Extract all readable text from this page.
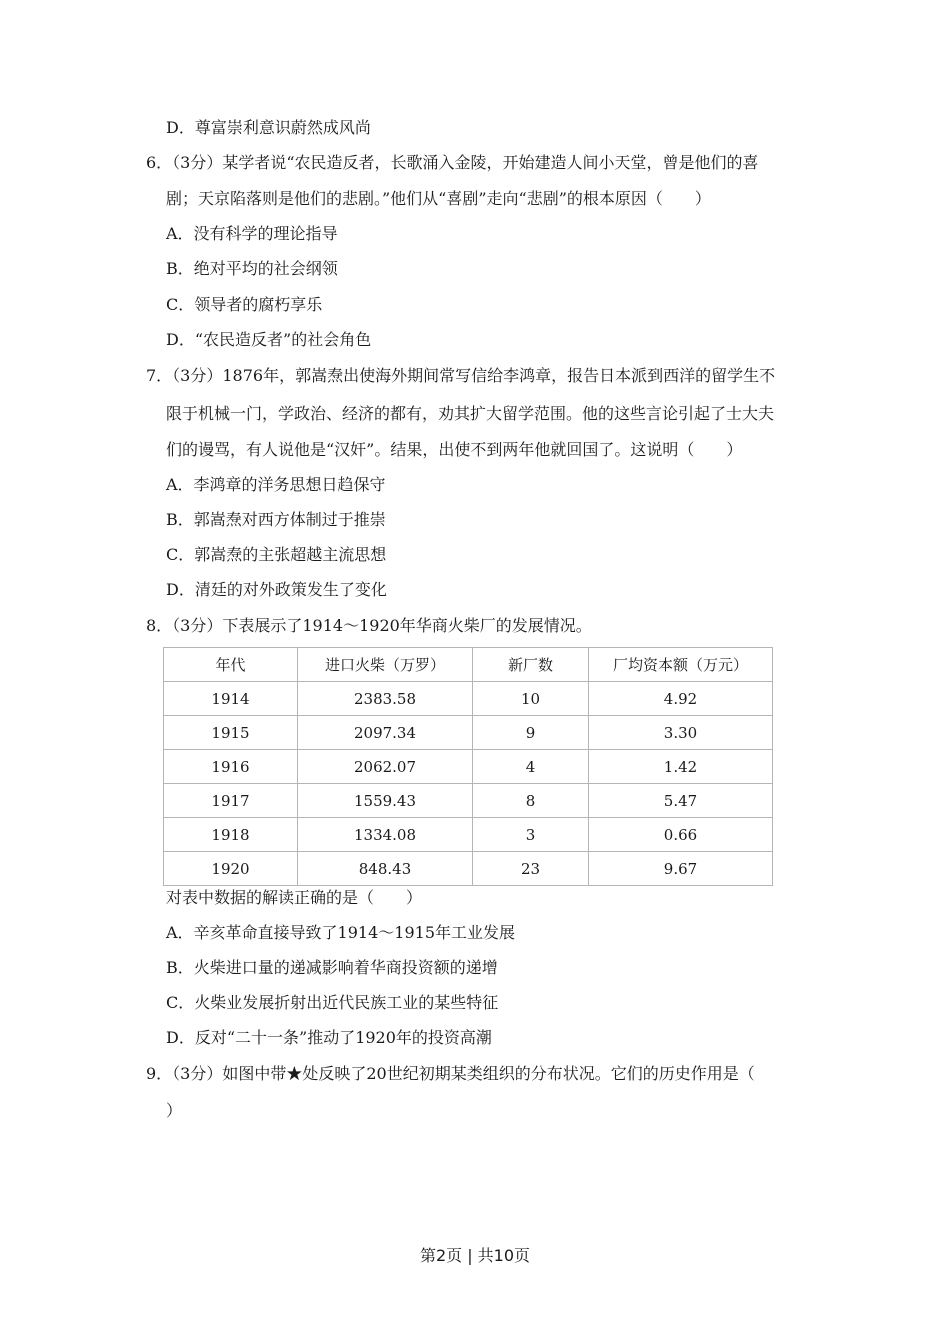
D．尊富崇利意识蔚然成风尚
6．（3分）某学者说“农民造反者，长歌涌入金陵，开始建造人间小天堂，曾是他们的喜
剧；天京陷落则是他们的悲剧。”他们从“喜剧”走向“悲剧”的根本原因（　　）
A．没有科学的理论指导
B．绝对平均的社会纲领
C．领导者的腐朽享乐
D．“农民造反者”的社会角色
7．（3分）1876年，郭嵩焘出使海外期间常写信给李鸿章，报告日本派到西洋的留学生不
限于机械一门，学政治、经济的都有，劝其扩大留学范围。他的这些言论引起了士大夫
们的谩骂，有人说他是“汉奸”。结果，出使不到两年他就回国了。这说明（　　）
A．李鸿章的洋务思想日趋保守
B．郭嵩焘对西方体制过于推崇
C．郭嵩焘的主张超越主流思想
D．清廷的对外政策发生了变化
8．（3分）下表展示了1914～1920年华商火柴厂的发展情况。
年代	进口火柴（万罗）	新厂数	厂均资本额（万元）
1914	2383.58	10	4.92
1915	2097.34	9	3.30
1916	2062.07	4	1.42
1917	1559.43	8	5.47
1918	1334.08	3	0.66
1920	848.43	23	9.67
对表中数据的解读正确的是（　　）
A．辛亥革命直接导致了1914～1915年工业发展
B．火柴进口量的递减影响着华商投资额的递增
C．火柴业发展折射出近代民族工业的某些特征
D．反对“二十一条”推动了1920年的投资高潮
9．（3分）如图中带★处反映了20世纪初期某类组织的分布状况。它们的历史作用是（
）
第2页 | 共10页
